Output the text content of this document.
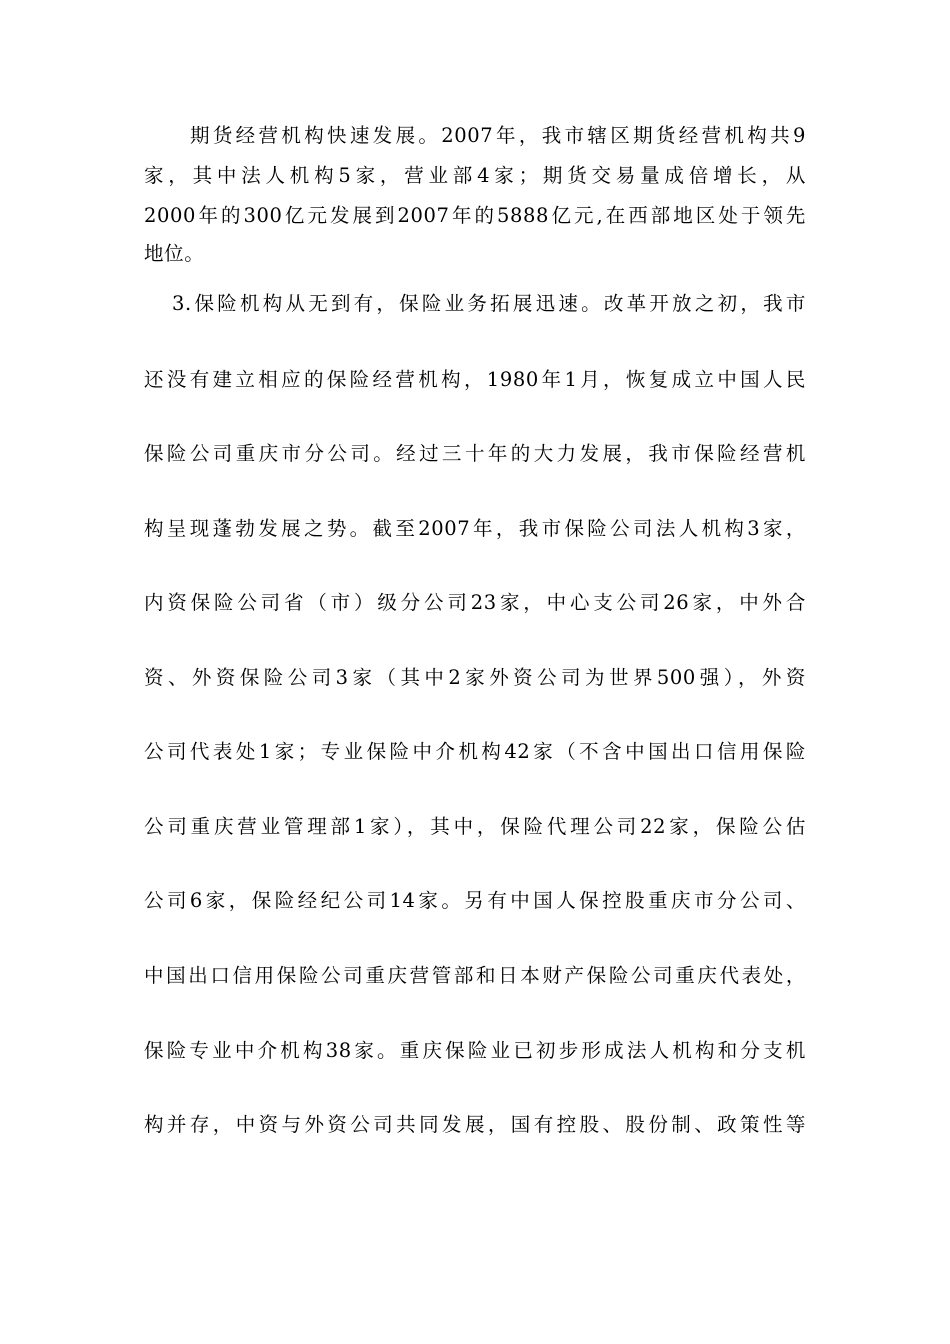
期货经营机构快速发展。2007年，我市辖区期货经营机构共9
家，其中法人机构5家，营业部4家；期货交易量成倍增长，从
2000年的300亿元发展到2007年的5888亿元,在西部地区处于领先
地位。
3.保险机构从无到有，保险业务拓展迅速。改革开放之初，我市
还没有建立相应的保险经营机构，1980年1月，恢复成立中国人民
保险公司重庆市分公司。经过三十年的大力发展，我市保险经营机
构呈现蓬勃发展之势。截至2007年，我市保险公司法人机构3家，
内资保险公司省（市）级分公司23家，中心支公司26家，中外合
资、外资保险公司3家（其中2家外资公司为世界500强），外资
公司代表处1家；专业保险中介机构42家（不含中国出口信用保险
公司重庆营业管理部1家），其中，保险代理公司22家，保险公估
公司6家，保险经纪公司14家。另有中国人保控股重庆市分公司、
中国出口信用保险公司重庆营管部和日本财产保险公司重庆代表处，
保险专业中介机构38家。重庆保险业已初步形成法人机构和分支机
构并存，中资与外资公司共同发展，国有控股、股份制、政策性等
